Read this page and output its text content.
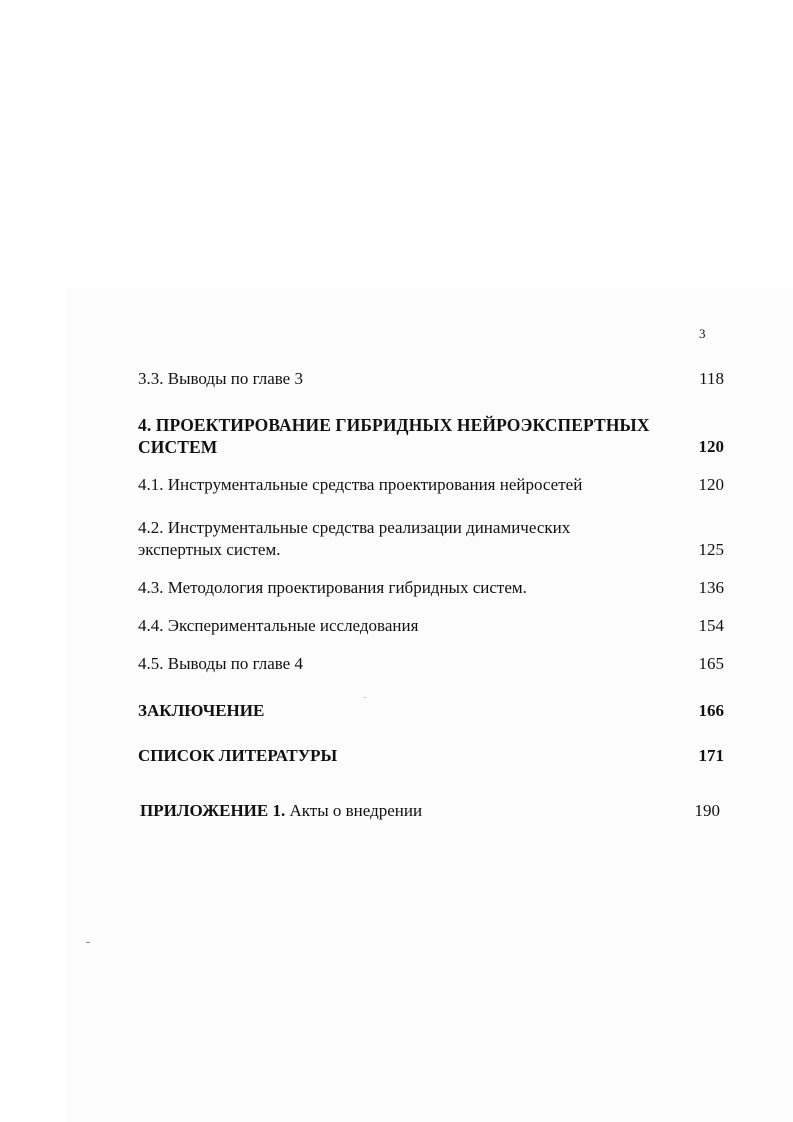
3
3.3. Выводы по главе 3	118
4. ПРОЕКТИРОВАНИЕ ГИБРИДНЫХ НЕЙРОЭКСПЕРТНЫХ СИСТЕМ	120
4.1. Инструментальные средства проектирования нейросетей	120
4.2. Инструментальные средства реализации динамических экспертных систем.	125
4.3. Методология проектирования гибридных систем.	136
4.4. Экспериментальные исследования	154
4.5. Выводы по главе 4	165
ЗАКЛЮЧЕНИЕ	166
СПИСОК ЛИТЕРАТУРЫ	171
ПРИЛОЖЕНИЕ 1. Акты о внедрении	190
